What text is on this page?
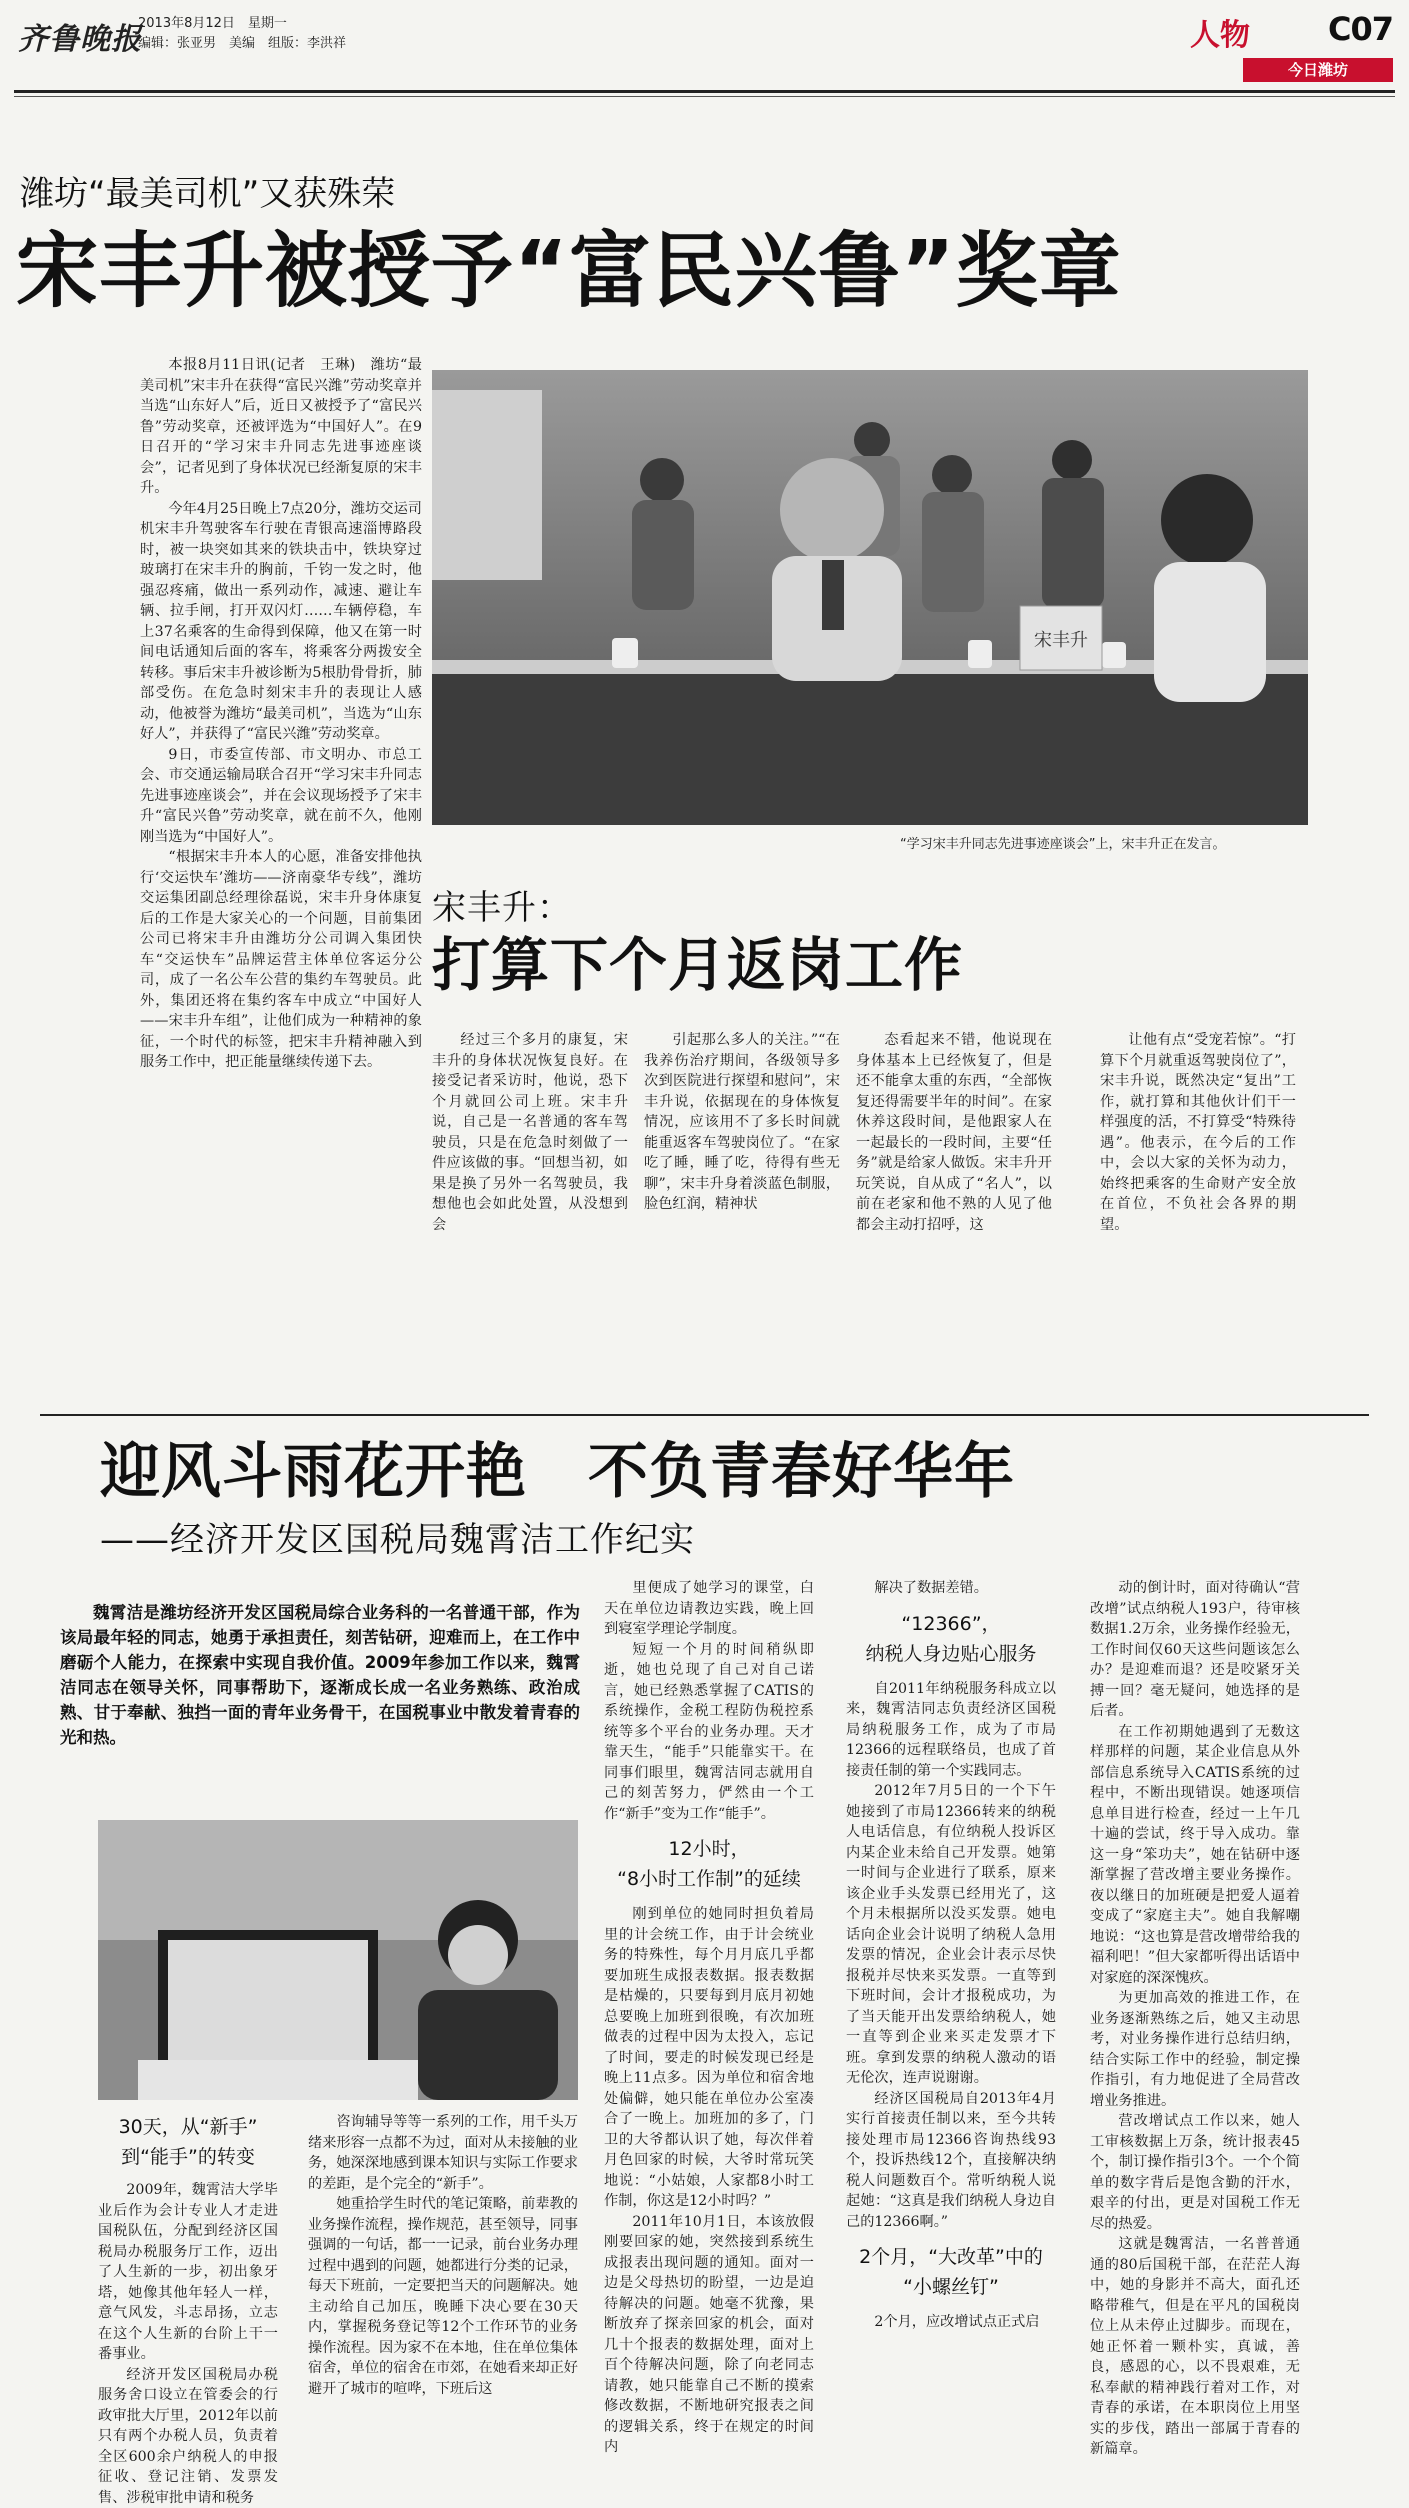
齐鲁晚报
2013年8月12日　星期一
编辑：张亚男　美编　组版：李洪祥	人物 C07
今日潍坊
潍坊“最美司机”又获殊荣
宋丰升被授予“富民兴鲁”奖章

本报8月11日讯(记者　王琳)　潍坊“最美司机”宋丰升在获得“富民兴潍”劳动奖章并当选“山东好人”后，近日又被授予了“富民兴鲁”劳动奖章，还被评选为“中国好人”。在9日召开的“学习宋丰升同志先进事迹座谈会”，记者见到了身体状况已经渐复原的宋丰升。

今年4月25日晚上7点20分，潍坊交运司机宋丰升驾驶客车行驶在青银高速淄博路段时，被一块突如其来的铁块击中，铁块穿过玻璃打在宋丰升的胸前，千钧一发之时，他强忍疼痛，做出一系列动作，减速、避让车辆、拉手闸，打开双闪灯……车辆停稳，车上37名乘客的生命得到保障，他又在第一时间电话通知后面的客车，将乘客分两拨安全转移。事后宋丰升被诊断为5根肋骨骨折，肺部受伤。在危急时刻宋丰升的表现让人感动，他被誉为潍坊“最美司机”，当选为“山东好人”，并获得了“富民兴潍”劳动奖章。

9日，市委宣传部、市文明办、市总工会、市交通运输局联合召开“学习宋丰升同志先进事迹座谈会”，并在会议现场授予了宋丰升“富民兴鲁”劳动奖章，就在前不久，他刚刚当选为“中国好人”。

“根据宋丰升本人的心愿，准备安排他执行‘交运快车’潍坊——济南豪华专线”，潍坊交运集团副总经理徐磊说，宋丰升身体康复后的工作是大家关心的一个问题，目前集团公司已将宋丰升由潍坊分公司调入集团快车“交运快车”品牌运营主体单位客运分公司，成了一名公车公营的集约车驾驶员。此外，集团还将在集约客车中成立“中国好人——宋丰升车组”，让他们成为一种精神的象征，一个时代的标签，把宋丰升精神融入到服务工作中，把正能量继续传递下去。

宋丰升
“学习宋丰升同志先进事迹座谈会”上，宋丰升正在发言。
宋丰升：
打算下个月返岗工作

经过三个多月的康复，宋丰升的身体状况恢复良好。在接受记者采访时，他说，恐下个月就回公司上班。宋丰升说，自己是一名普通的客车驾驶员，只是在危急时刻做了一件应该做的事。“回想当初，如果是换了另外一名驾驶员，我想他也会如此处置，从没想到会

引起那么多人的关注。”“在我养伤治疗期间，各级领导多次到医院进行探望和慰问”，宋丰升说，依据现在的身体恢复情况，应该用不了多长时间就能重返客车驾驶岗位了。“在家吃了睡，睡了吃，待得有些无聊”，宋丰升身着淡蓝色制服，脸色红润，精神状

态看起来不错，他说现在身体基本上已经恢复了，但是还不能拿太重的东西，“全部恢复还得需要半年的时间”。在家休养这段时间，是他跟家人在一起最长的一段时间，主要“任务”就是给家人做饭。宋丰升开玩笑说，自从成了“名人”，以前在老家和他不熟的人见了他都会主动打招呼，这

让他有点“受宠若惊”。“打算下个月就重返驾驶岗位了”，宋丰升说，既然决定“复出”工作，就打算和其他伙计们干一样强度的活，不打算受“特殊待遇”。他表示，在今后的工作中，会以大家的关怀为动力，始终把乘客的生命财产安全放在首位，不负社会各界的期望。

迎风斗雨花开艳　不负青春好华年
——经济开发区国税局魏霄洁工作纪实

魏霄洁是潍坊经济开发区国税局综合业务科的一名普通干部，作为该局最年轻的同志，她勇于承担责任，刻苦钻研，迎难而上，在工作中磨砺个人能力，在探索中实现自我价值。2009年参加工作以来，魏霄洁同志在领导关怀，同事帮助下，逐渐成长成一名业务熟练、政治成熟、甘于奉献、独挡一面的青年业务骨干，在国税事业中散发着青春的光和热。

30天，从“新手”
到“能手”的转变

2009年，魏霄洁大学毕业后作为会计专业人才走进国税队伍，分配到经济区国税局办税服务厅工作，迈出了人生新的一步，初出象牙塔，她像其他年轻人一样，意气风发，斗志昂扬，立志在这个人生新的台阶上干一番事业。

经济开发区国税局办税服务舍口设立在管委会的行政审批大厅里，2012年以前只有两个办税人员，负责着全区600余户纳税人的申报征收、登记注销、发票发售、涉税审批申请和税务

咨询辅导等等一系列的工作，用千头万绪来形容一点都不为过，面对从未接触的业务，她深深地感到课本知识与实际工作要求的差距，是个完全的“新手”。

她重拾学生时代的笔记策略，前辈教的业务操作流程，操作规范，甚至领导，同事强调的一句话，都一一记录，前台业务办理过程中遇到的问题，她都进行分类的记录，每天下班前，一定要把当天的问题解决。她主动给自己加压，晚睡下决心要在30天内，掌握税务登记等12个工作环节的业务操作流程。因为家不在本地，住在单位集体宿舍，单位的宿舍在市郊，在她看来却正好避开了城市的喧哗，下班后这

里便成了她学习的课堂，白天在单位边请教边实践，晚上回到寝室学理论学制度。

短短一个月的时间稍纵即逝，她也兑现了自己对自己诺言，她已经熟悉掌握了CATIS的系统操作，金税工程防伪税控系统等多个平台的业务办理。天才靠天生，“能手”只能靠实干。在同事们眼里，魏霄洁同志就用自己的刻苦努力，俨然由一个工作“新手”变为工作“能手”。

12小时，
“8小时工作制”的延续

刚到单位的她同时担负着局里的计会统工作，由于计会统业务的特殊性，每个月月底几乎都要加班生成报表数据。报表数据是枯燥的，只要每到月底月初她总要晚上加班到很晚，有次加班做表的过程中因为太投入，忘记了时间，要走的时候发现已经是晚上11点多。因为单位和宿舍地处偏僻，她只能在单位办公室凑合了一晚上。加班加的多了，门卫的大爷都认识了她，每次伴着月色回家的时候，大爷时常玩笑地说：“小姑娘，人家都8小时工作制，你这是12小时吗？”

2011年10月1日，本该放假刚要回家的她，突然接到系统生成报表出现问题的通知。面对一边是父母热切的盼望，一边是迫待解决的问题。她毫不犹豫，果断放弃了探亲回家的机会，面对几十个报表的数据处理，面对上百个待解决问题，除了向老同志请教，她只能靠自己不断的摸索修改数据，不断地研究报表之间的逻辑关系，终于在规定的时间内

解决了数据差错。

“12366”，
纳税人身边贴心服务

自2011年纳税服务科成立以来，魏霄洁同志负责经济区国税局纳税服务工作，成为了市局12366的远程联络员，也成了首接责任制的第一个实践同志。

2012年7月5日的一个下午她接到了市局12366转来的纳税人电话信息，有位纳税人投诉区内某企业未给自己开发票。她第一时间与企业进行了联系，原来该企业手头发票已经用光了，这个月未根据所以没买发票。她电话向企业会计说明了纳税人急用发票的情况，企业会计表示尽快报税并尽快来买发票。一直等到下班时间，会计才报税成功，为了当天能开出发票给纳税人，她一直等到企业来买走发票才下班。拿到发票的纳税人激动的语无伦次，连声说谢谢。

经济区国税局自2013年4月实行首接责任制以来，至今共转接处理市局12366咨询热线93个，投诉热线12个，直接解决纳税人问题数百个。常听纳税人说起她：“这真是我们纳税人身边自己的12366啊。”

2个月，“大改革”中的
“小螺丝钉”

2个月，应改增试点正式启

动的倒计时，面对待确认“营改增”试点纳税人193户，待审核数据1.2万余，业务操作经验无，工作时间仅60天这些问题该怎么办？是迎难而退？还是咬紧牙关搏一回？毫无疑问，她选择的是后者。

在工作初期她遇到了无数这样那样的问题，某企业信息从外部信息系统导入CATIS系统的过程中，不断出现错误。她逐项信息单目进行检查，经过一上午几十遍的尝试，终于导入成功。靠这一身“笨功夫”，她在钻研中逐渐掌握了营改增主要业务操作。夜以继日的加班硬是把爱人逼着变成了“家庭主夫”。她自我解嘲地说：“这也算是营改增带给我的福利吧！”但大家都听得出话语中对家庭的深深愧疚。

为更加高效的推进工作，在业务逐渐熟练之后，她又主动思考，对业务操作进行总结归纳，结合实际工作中的经验，制定操作指引，有力地促进了全局营改增业务推进。

营改增试点工作以来，她人工审核数据上万条，统计报表45个，制订操作指引3个。一个个简单的数字背后是饱含勤的汗水，艰辛的付出，更是对国税工作无尽的热爱。

这就是魏霄洁，一名普普通通的80后国税干部，在茫茫人海中，她的身影并不高大，面孔还略带稚气，但是在平凡的国税岗位上从未停止过脚步。而现在，她正怀着一颗朴实，真诚，善良，感恩的心，以不畏艰难，无私奉献的精神践行着对工作，对青春的承诺，在本职岗位上用坚实的步伐，踏出一部属于青春的新篇章。
